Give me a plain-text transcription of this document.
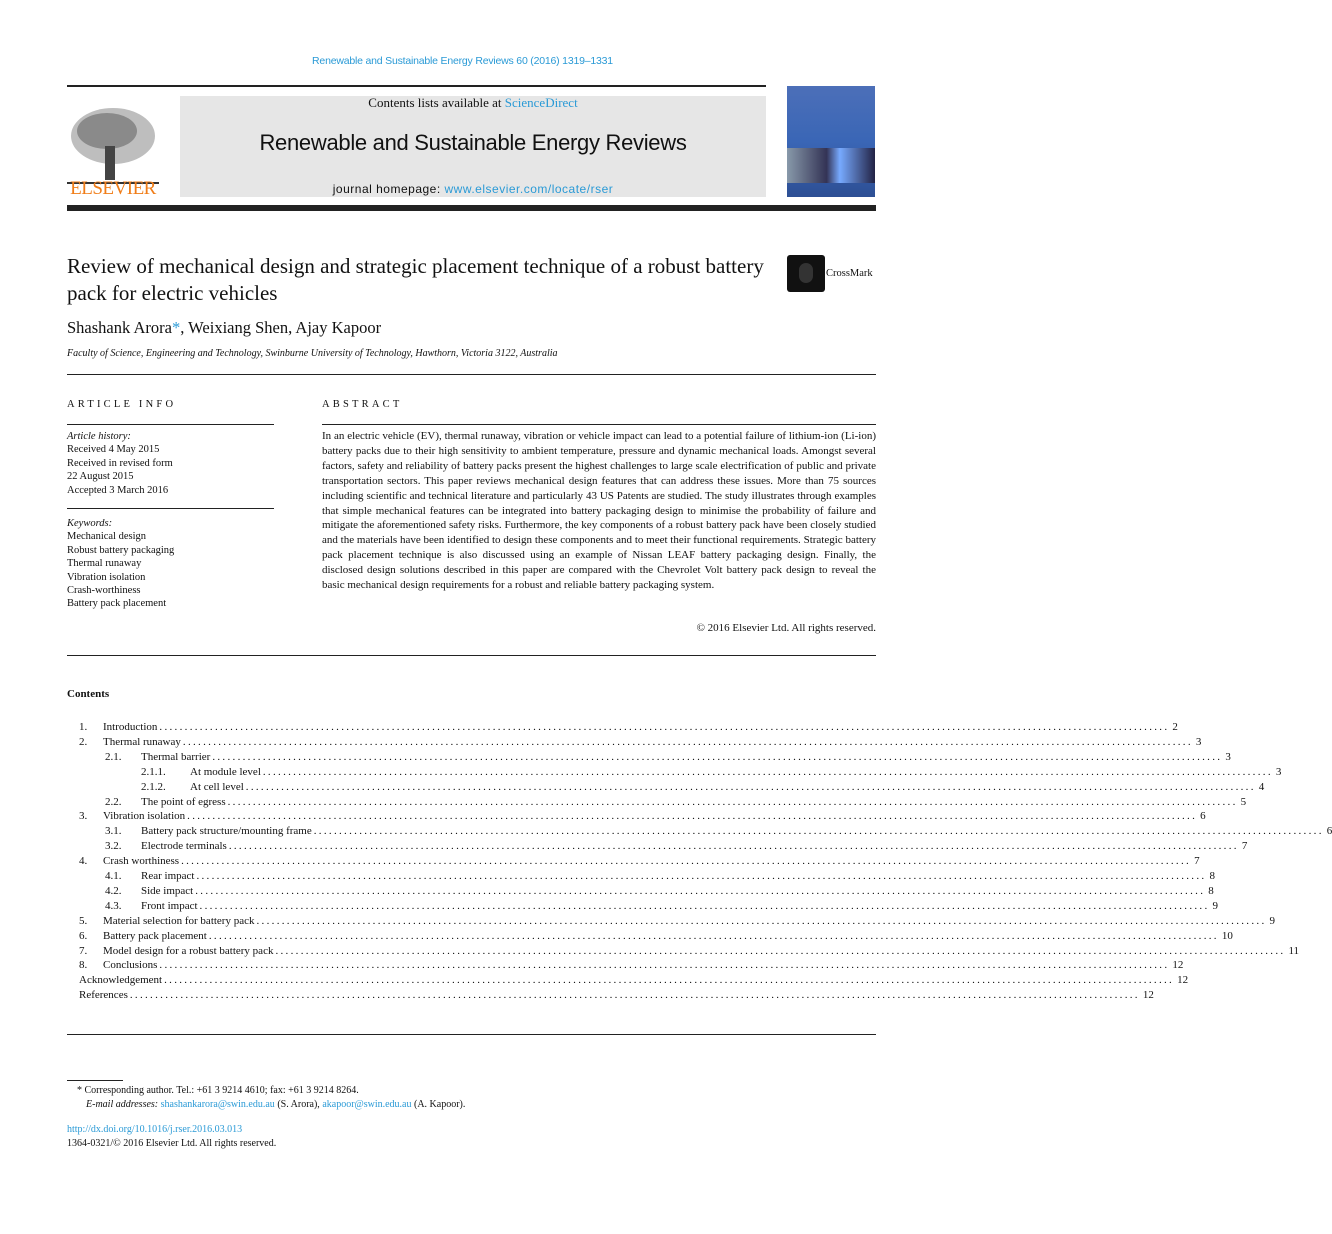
Renewable and Sustainable Energy Reviews 60 (2016) 1319–1331
ELSEVIER
Contents lists available at ScienceDirect
Renewable and Sustainable Energy Reviews
journal homepage: www.elsevier.com/locate/rser
Review of mechanical design and strategic placement technique of a robust battery pack for electric vehicles
CrossMark
Shashank Arora*, Weixiang Shen, Ajay Kapoor
Faculty of Science, Engineering and Technology, Swinburne University of Technology, Hawthorn, Victoria 3122, Australia
ARTICLE INFO
Article history:
Received 4 May 2015
Received in revised form
22 August 2015
Accepted 3 March 2016
Keywords:
Mechanical design
Robust battery packaging
Thermal runaway
Vibration isolation
Crash-worthiness
Battery pack placement
ABSTRACT
In an electric vehicle (EV), thermal runaway, vibration or vehicle impact can lead to a potential failure of lithium-ion (Li-ion) battery packs due to their high sensitivity to ambient temperature, pressure and dynamic mechanical loads. Amongst several factors, safety and reliability of battery packs present the highest challenges to large scale electrification of public and private transportation sectors. This paper reviews mechanical design features that can address these issues. More than 75 sources including scientific and technical literature and particularly 43 US Patents are studied. The study illustrates through examples that simple mechanical features can be integrated into battery packaging design to minimise the probability of failure and mitigate the aforementioned safety risks. Furthermore, the key components of a robust battery pack have been closely studied and the materials have been identified to design these components and to meet their functional requirements. Strategic battery pack placement technique is also discussed using an example of Nissan LEAF battery packaging design. Finally, the disclosed design solutions described in this paper are compared with the Chevrolet Volt battery pack design to reveal the basic mechanical design requirements for a robust and reliable battery packaging system.
© 2016 Elsevier Ltd. All rights reserved.
Contents
1. Introduction ........................................................................................................................................................................................................ 2
2. Thermal runaway ........................................................................................................................................................................................................ 3
2.1. Thermal barrier ........................................................................................................................................................................................................ 3
2.1.1. At module level ........................................................................................................................................................................................................ 3
2.1.2. At cell level ........................................................................................................................................................................................................ 4
2.2. The point of egress ........................................................................................................................................................................................................ 5
3. Vibration isolation ........................................................................................................................................................................................................ 6
3.1. Battery pack structure/mounting frame ........................................................................................................................................................................................................ 6
3.2. Electrode terminals ........................................................................................................................................................................................................ 7
4. Crash worthiness ........................................................................................................................................................................................................ 7
4.1. Rear impact ........................................................................................................................................................................................................ 8
4.2. Side impact ........................................................................................................................................................................................................ 8
4.3. Front impact ........................................................................................................................................................................................................ 9
5. Material selection for battery pack ........................................................................................................................................................................................................ 9
6. Battery pack placement ........................................................................................................................................................................................................ 10
7. Model design for a robust battery pack ........................................................................................................................................................................................................ 11
8. Conclusions ........................................................................................................................................................................................................ 12
Acknowledgement ........................................................................................................................................................................................................ 12
References ........................................................................................................................................................................................................ 12
* Corresponding author. Tel.: +61 3 9214 4610; fax: +61 3 9214 8264.
E-mail addresses: shashankarora@swin.edu.au (S. Arora), akapoor@swin.edu.au (A. Kapoor).
http://dx.doi.org/10.1016/j.rser.2016.03.013
1364-0321/© 2016 Elsevier Ltd. All rights reserved.
